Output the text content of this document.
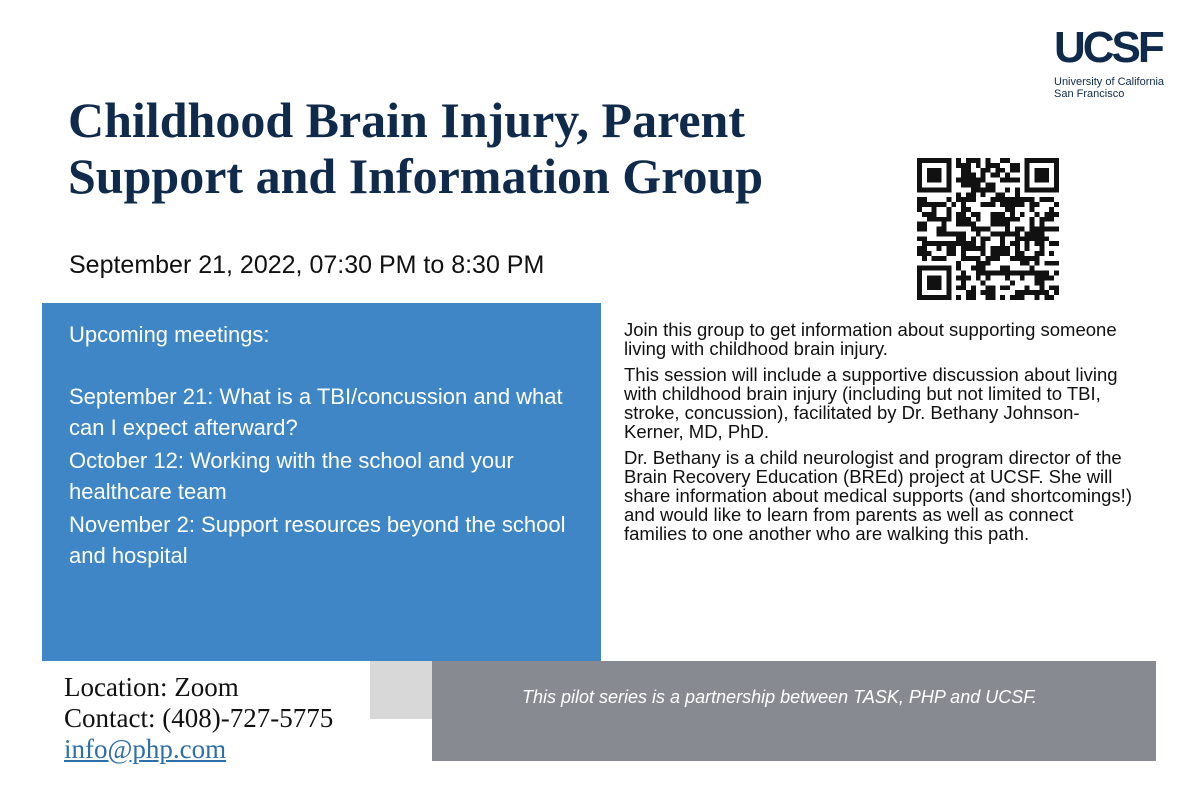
UCSF
University of California
San Francisco
Childhood Brain Injury, Parent
Support and Information Group
September 21, 2022, 07:30 PM to 8:30 PM
Upcoming meetings:
September 21: What is a TBI/concussion and what can I expect afterward?
October 12: Working with the school and your healthcare team
November 2: Support resources beyond the school and hospital

Join this group to get information about supporting someone living with childhood brain injury.

This session will include a supportive discussion about living with childhood brain injury (including but not limited to TBI, stroke, concussion), facilitated by Dr. Bethany Johnson-Kerner, MD, PhD.

Dr. Bethany is a child neurologist and program director of the Brain Recovery Education (BREd) project at UCSF. She will share information about medical supports (and shortcomings!) and would like to learn from parents as well as connect families to one another who are walking this path.

This pilot series is a partnership between TASK, PHP and UCSF.
Location: Zoom
Contact: (408)-727-5775
info@php.com
